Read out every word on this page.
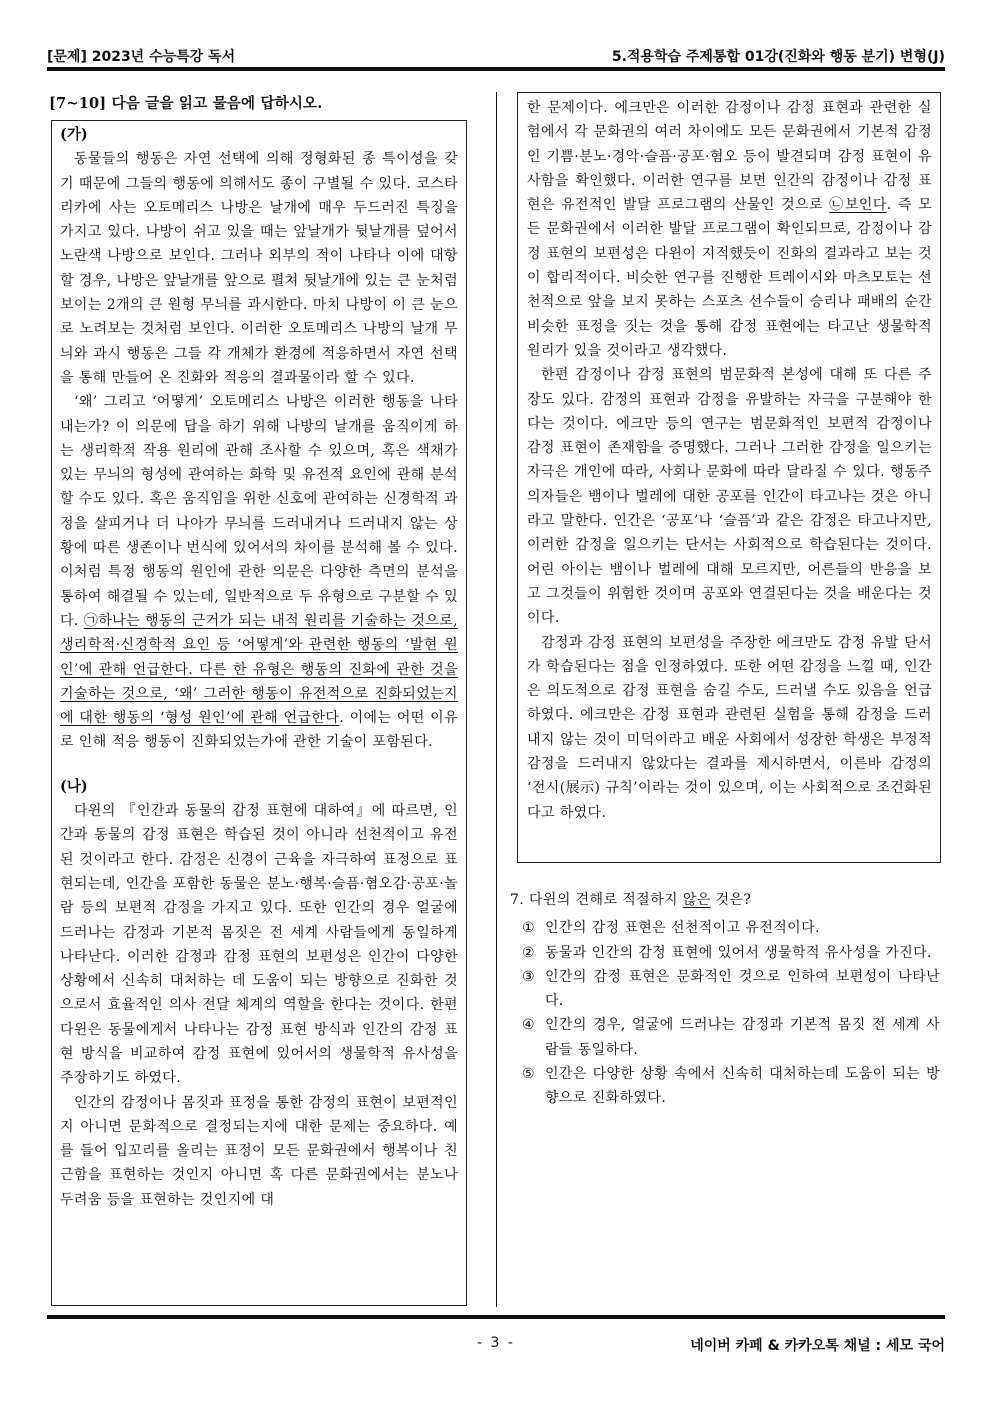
[문제] 2023년 수능특강 독서	5.적용학습 주제통합 01강(진화와 행동 분기) 변형(J)
[7~10] 다음 글을 읽고 물음에 답하시오.

(가)

동물들의 행동은 자연 선택에 의해 정형화된 종 특이성을 갖기 때문에 그들의 행동에 의해서도 종이 구별될 수 있다. 코스타리카에 사는 오토메리스 나방은 날개에 매우 두드러진 특징을 가지고 있다. 나방이 쉬고 있을 때는 앞날개가 뒷날개를 덮어서 노란색 나방으로 보인다. 그러나 외부의 적이 나타나 이에 대항할 경우, 나방은 앞날개를 앞으로 펼쳐 뒷날개에 있는 큰 눈처럼 보이는 2개의 큰 원형 무늬를 과시한다. 마치 나방이 이 큰 눈으로 노려보는 것처럼 보인다. 이러한 오토메리스 나방의 날개 무늬와 과시 행동은 그들 각 개체가 환경에 적응하면서 자연 선택을 통해 만들어 온 진화와 적응의 결과물이라 할 수 있다.

‘왜’ 그리고 ‘어떻게’ 오토메리스 나방은 이러한 행동을 나타내는가? 이 의문에 답을 하기 위해 나방의 날개를 움직이게 하는 생리학적 작용 원리에 관해 조사할 수 있으며, 혹은 색채가 있는 무늬의 형성에 관여하는 화학 및 유전적 요인에 관해 분석할 수도 있다. 혹은 움직임을 위한 신호에 관여하는 신경학적 과정을 살피거나 더 나아가 무늬를 드러내거나 드러내지 않는 상황에 따른 생존이나 번식에 있어서의 차이를 분석해 볼 수 있다. 이처럼 특정 행동의 원인에 관한 의문은 다양한 측면의 분석을 통하여 해결될 수 있는데, 일반적으로 두 유형으로 구분할 수 있다. ㉠하나는 행동의 근거가 되는 내적 원리를 기술하는 것으로, 생리학적·신경학적 요인 등 ‘어떻게’와 관련한 행동의 ‘발현 원인’에 관해 언급한다. 다른 한 유형은 행동의 진화에 관한 것을 기술하는 것으로, ‘왜’ 그러한 행동이 유전적으로 진화되었는지에 대한 행동의 ‘형성 원인’에 관해 언급한다. 이에는 어떤 이유로 인해 적응 행동이 진화되었는가에 관한 기술이 포함된다.

(나)

다윈의 『인간과 동물의 감정 표현에 대하여』에 따르면, 인간과 동물의 감정 표현은 학습된 것이 아니라 선천적이고 유전된 것이라고 한다. 감정은 신경이 근육을 자극하여 표정으로 표현되는데, 인간을 포함한 동물은 분노·행복·슬픔·혐오감·공포·놀람 등의 보편적 감정을 가지고 있다. 또한 인간의 경우 얼굴에 드러나는 감정과 기본적 몸짓은 전 세계 사람들에게 동일하게 나타난다. 이러한 감정과 감정 표현의 보편성은 인간이 다양한 상황에서 신속히 대처하는 데 도움이 되는 방향으로 진화한 것으로서 효율적인 의사 전달 체계의 역할을 한다는 것이다. 한편 다윈은 동물에게서 나타나는 감정 표현 방식과 인간의 감정 표현 방식을 비교하여 감정 표현에 있어서의 생물학적 유사성을 주장하기도 하였다.

인간의 감정이나 몸짓과 표정을 통한 감정의 표현이 보편적인지 아니면 문화적으로 결정되는지에 대한 문제는 중요하다. 예를 들어 입꼬리를 올리는 표정이 모든 문화권에서 행복이나 친근함을 표현하는 것인지 아니면 혹 다른 문화권에서는 분노나 두려움 등을 표현하는 것인지에 대

한 문제이다. 에크만은 이러한 감정이나 감정 표현과 관련한 실험에서 각 문화권의 여러 차이에도 모든 문화권에서 기본적 감정인 기쁨·분노·경악·슬픔·공포·혐오 등이 발견되며 감정 표현이 유사함을 확인했다. 이러한 연구를 보면 인간의 감정이나 감정 표현은 유전적인 발달 프로그램의 산물인 것으로 ㉡보인다. 즉 모든 문화권에서 이러한 발달 프로그램이 확인되므로, 감정이나 감정 표현의 보편성은 다윈이 지적했듯이 진화의 결과라고 보는 것이 합리적이다. 비슷한 연구를 진행한 트레이시와 마츠모토는 선천적으로 앞을 보지 못하는 스포츠 선수들이 승리나 패배의 순간 비슷한 표정을 짓는 것을 통해 감정 표현에는 타고난 생물학적 원리가 있을 것이라고 생각했다.

한편 감정이나 감정 표현의 범문화적 본성에 대해 또 다른 주장도 있다. 감정의 표현과 감정을 유발하는 자극을 구분해야 한다는 것이다. 에크만 등의 연구는 범문화적인 보편적 감정이나 감정 표현이 존재함을 증명했다. 그러나 그러한 감정을 일으키는 자극은 개인에 따라, 사회나 문화에 따라 달라질 수 있다. 행동주의자들은 뱀이나 벌레에 대한 공포를 인간이 타고나는 것은 아니라고 말한다. 인간은 ‘공포’나 ‘슬픔’과 같은 감정은 타고나지만, 이러한 감정을 일으키는 단서는 사회적으로 학습된다는 것이다. 어린 아이는 뱀이나 벌레에 대해 모르지만, 어른들의 반응을 보고 그것들이 위험한 것이며 공포와 연결된다는 것을 배운다는 것이다.

감정과 감정 표현의 보편성을 주장한 에크만도 감정 유발 단서가 학습된다는 점을 인정하였다. 또한 어떤 감정을 느낄 때, 인간은 의도적으로 감정 표현을 숨길 수도, 드러낼 수도 있음을 언급하였다. 에크만은 감정 표현과 관련된 실험을 통해 감정을 드러내지 않는 것이 미덕이라고 배운 사회에서 성장한 학생은 부정적 감정을 드러내지 않았다는 결과를 제시하면서, 이른바 감정의 ‘전시(展示) 규칙’이라는 것이 있으며, 이는 사회적으로 조건화된다고 하였다.

7. 다윈의 견해로 적절하지 않은 것은?

① 인간의 감정 표현은 선천적이고 유전적이다.

② 동물과 인간의 감정 표현에 있어서 생물학적 유사성을 가진다.

③ 인간의 감정 표현은 문화적인 것으로 인하여 보편성이 나타난다.

④ 인간의 경우, 얼굴에 드러나는 감정과 기본적 몸짓 전 세계 사람들 동일하다.

⑤ 인간은 다양한 상황 속에서 신속히 대처하는데 도움이 되는 방향으로 진화하였다.

- 3 -	네이버 카페 & 카카오톡 채널 : 세모 국어
